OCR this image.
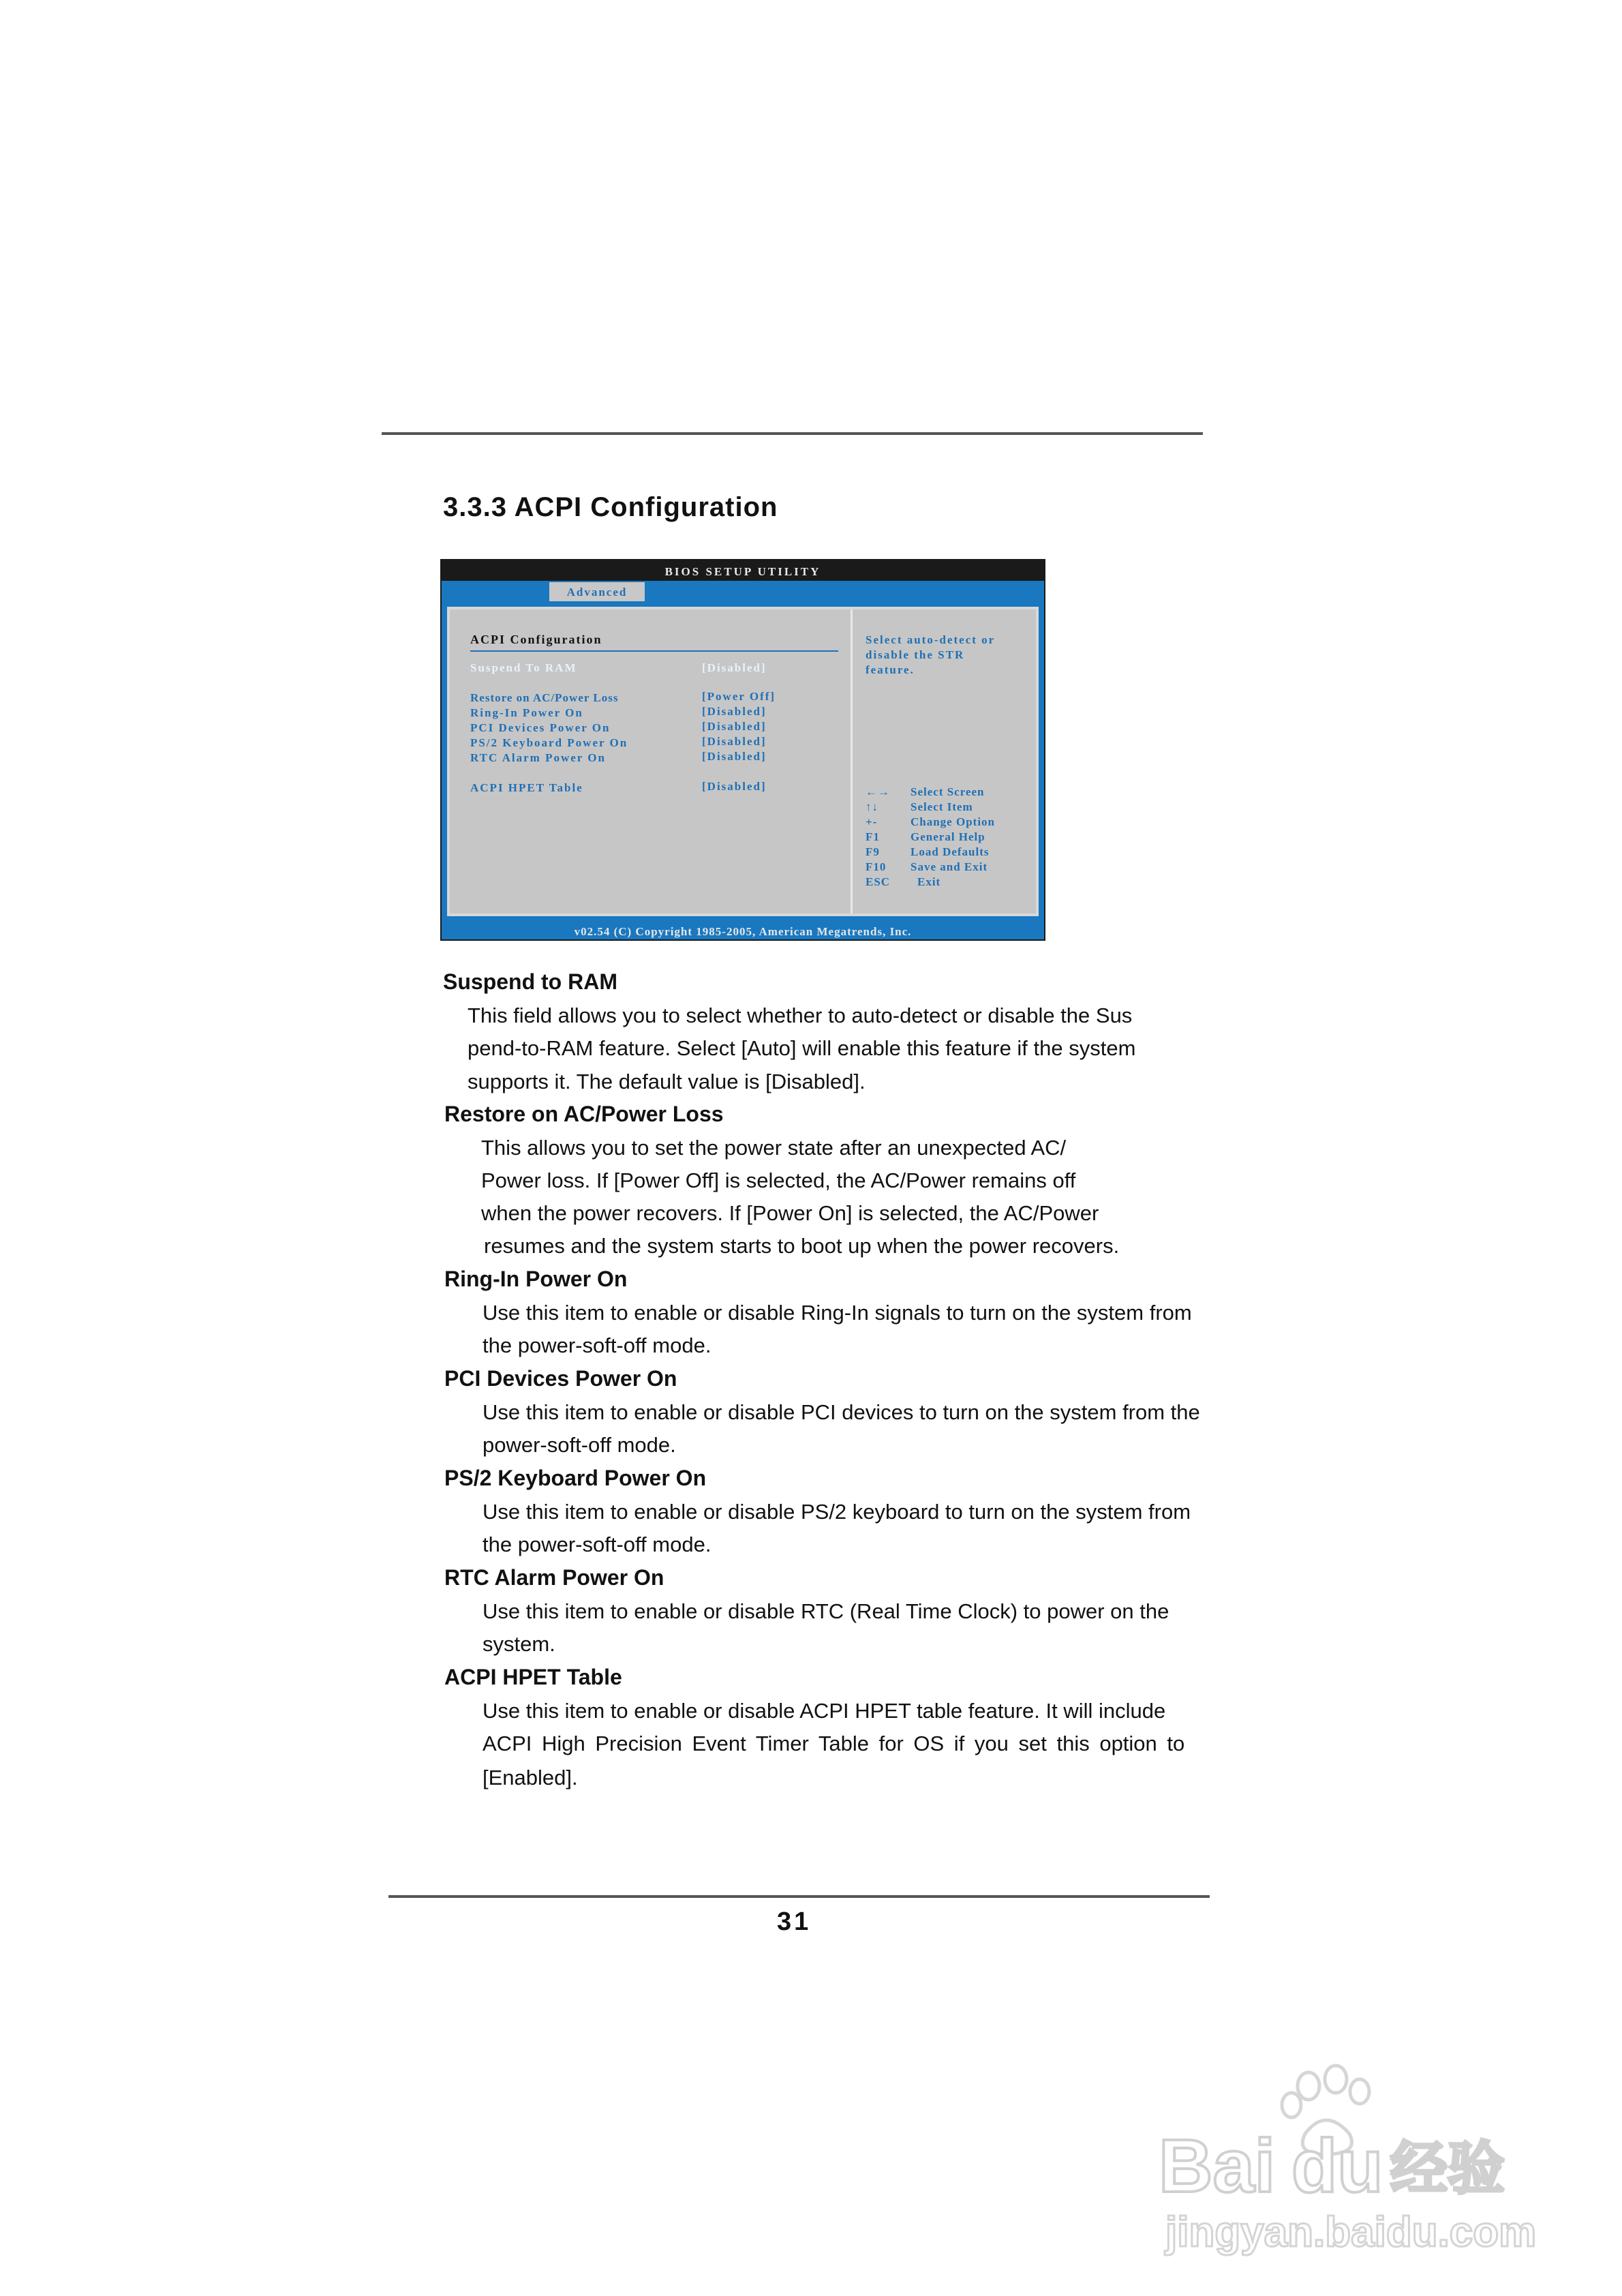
3.3.3 ACPI Configuration
BIOS SETUP UTILITY
Advanced
ACPI Configuration
Suspend To RAM	[Disabled]
Restore on AC/Power Loss	[Power Off]
Ring-In Power On	[Disabled]
PCI Devices Power On	[Disabled]
PS/2 Keyboard Power On	[Disabled]
RTC Alarm Power On	[Disabled]
ACPI HPET Table	[Disabled]
Select auto-detect or
disable the STR
feature.
←→ Select Screen
↑↓	Select Item
+-	Change Option
F1	General Help
F9	Load Defaults
F10 Save and Exit
ESC Exit
v02.54 (C) Copyright 1985-2005, American Megatrends, Inc.
Suspend to RAM
This field allows you to select whether to auto-detect or disable the Sus
pend-to-RAM feature. Select [Auto] will enable this feature if the system
supports it. The default value is [Disabled].
Restore on AC/Power Loss
This allows you to set the power state after an unexpected AC/
Power loss. If [Power Off] is selected, the AC/Power remains off
when the power recovers. If [Power On] is selected, the AC/Power
resumes and the system starts to boot up when the power recovers.
Ring-In Power On
Use this item to enable or disable Ring-In signals to turn on the system from
the power-soft-off mode.
PCI Devices Power On
Use this item to enable or disable PCI devices to turn on the system from the
power-soft-off mode.
PS/2 Keyboard Power On
Use this item to enable or disable PS/2 keyboard to turn on the system from
the power-soft-off mode.
RTC Alarm Power On
Use this item to enable or disable RTC (Real Time Clock) to power on the
system.
ACPI HPET Table
Use this item to enable or disable ACPI HPET table feature. It will include
ACPI High Precision Event Timer Table for OS if you set this option to
[Enabled].
31
Bai du 经验
jingyan.baidu.com
